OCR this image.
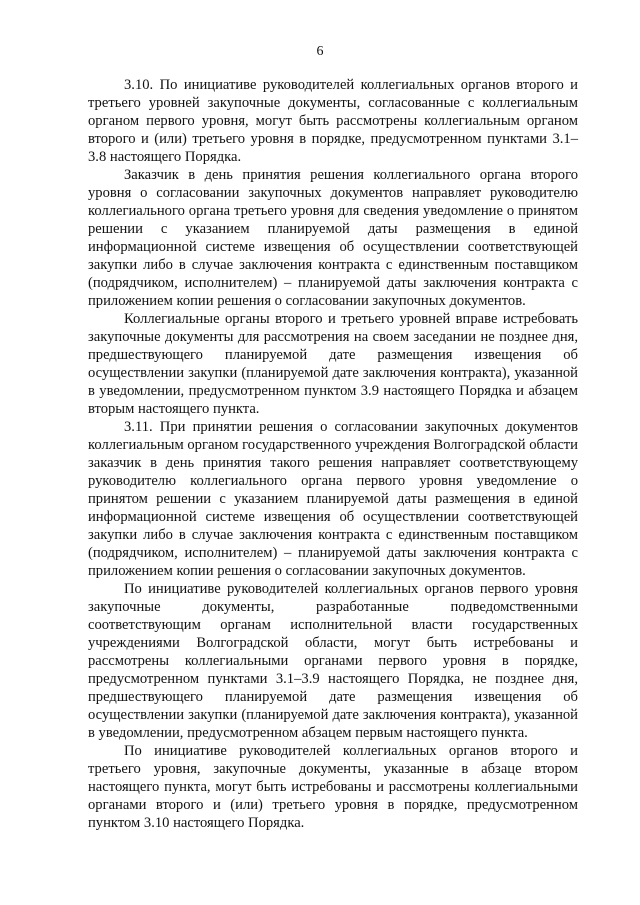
6

3.10. По инициативе руководителей коллегиальных органов второго и третьего уровней закупочные документы, согласованные с коллегиальным органом первого уровня, могут быть рассмотрены коллегиальным органом второго и (или) третьего уровня в порядке, предусмотренном пунктами 3.1–3.8 настоящего Порядка.

Заказчик в день принятия решения коллегиального органа второго уровня о согласовании закупочных документов направляет руководителю коллегиального органа третьего уровня для сведения уведомление о принятом решении с указанием планируемой даты размещения в единой информационной системе извещения об осуществлении соответствующей закупки либо в случае заключения контракта с единственным поставщиком (подрядчиком, исполнителем) – планируемой даты заключения контракта с приложением копии решения о согласовании закупочных документов.

Коллегиальные органы второго и третьего уровней вправе истребовать закупочные документы для рассмотрения на своем заседании не позднее дня, предшествующего планируемой дате размещения извещения об осуществлении закупки (планируемой дате заключения контракта), указанной в уведомлении, предусмотренном пунктом 3.9 настоящего Порядка и абзацем вторым настоящего пункта.

3.11. При принятии решения о согласовании закупочных документов коллегиальным органом государственного учреждения Волгоградской области заказчик в день принятия такого решения направляет соответствующему руководителю коллегиального органа первого уровня уведомление о принятом решении с указанием планируемой даты размещения в единой информационной системе извещения об осуществлении соответствующей закупки либо в случае заключения контракта с единственным поставщиком (подрядчиком, исполнителем) – планируемой даты заключения контракта с приложением копии решения о согласовании закупочных документов.

По инициативе руководителей коллегиальных органов первого уровня закупочные документы, разработанные подведомственными соответствующим органам исполнительной власти государственных учреждениями Волгоградской области, могут быть истребованы и рассмотрены коллегиальными органами первого уровня в порядке, предусмотренном пунктами 3.1–3.9 настоящего Порядка, не позднее дня, предшествующего планируемой дате размещения извещения об осуществлении закупки (планируемой дате заключения контракта), указанной в уведомлении, предусмотренном абзацем первым настоящего пункта.

По инициативе руководителей коллегиальных органов второго и третьего уровня, закупочные документы, указанные в абзаце втором настоящего пункта, могут быть истребованы и рассмотрены коллегиальными органами второго и (или) третьего уровня в порядке, предусмотренном пунктом 3.10 настоящего Порядка.
